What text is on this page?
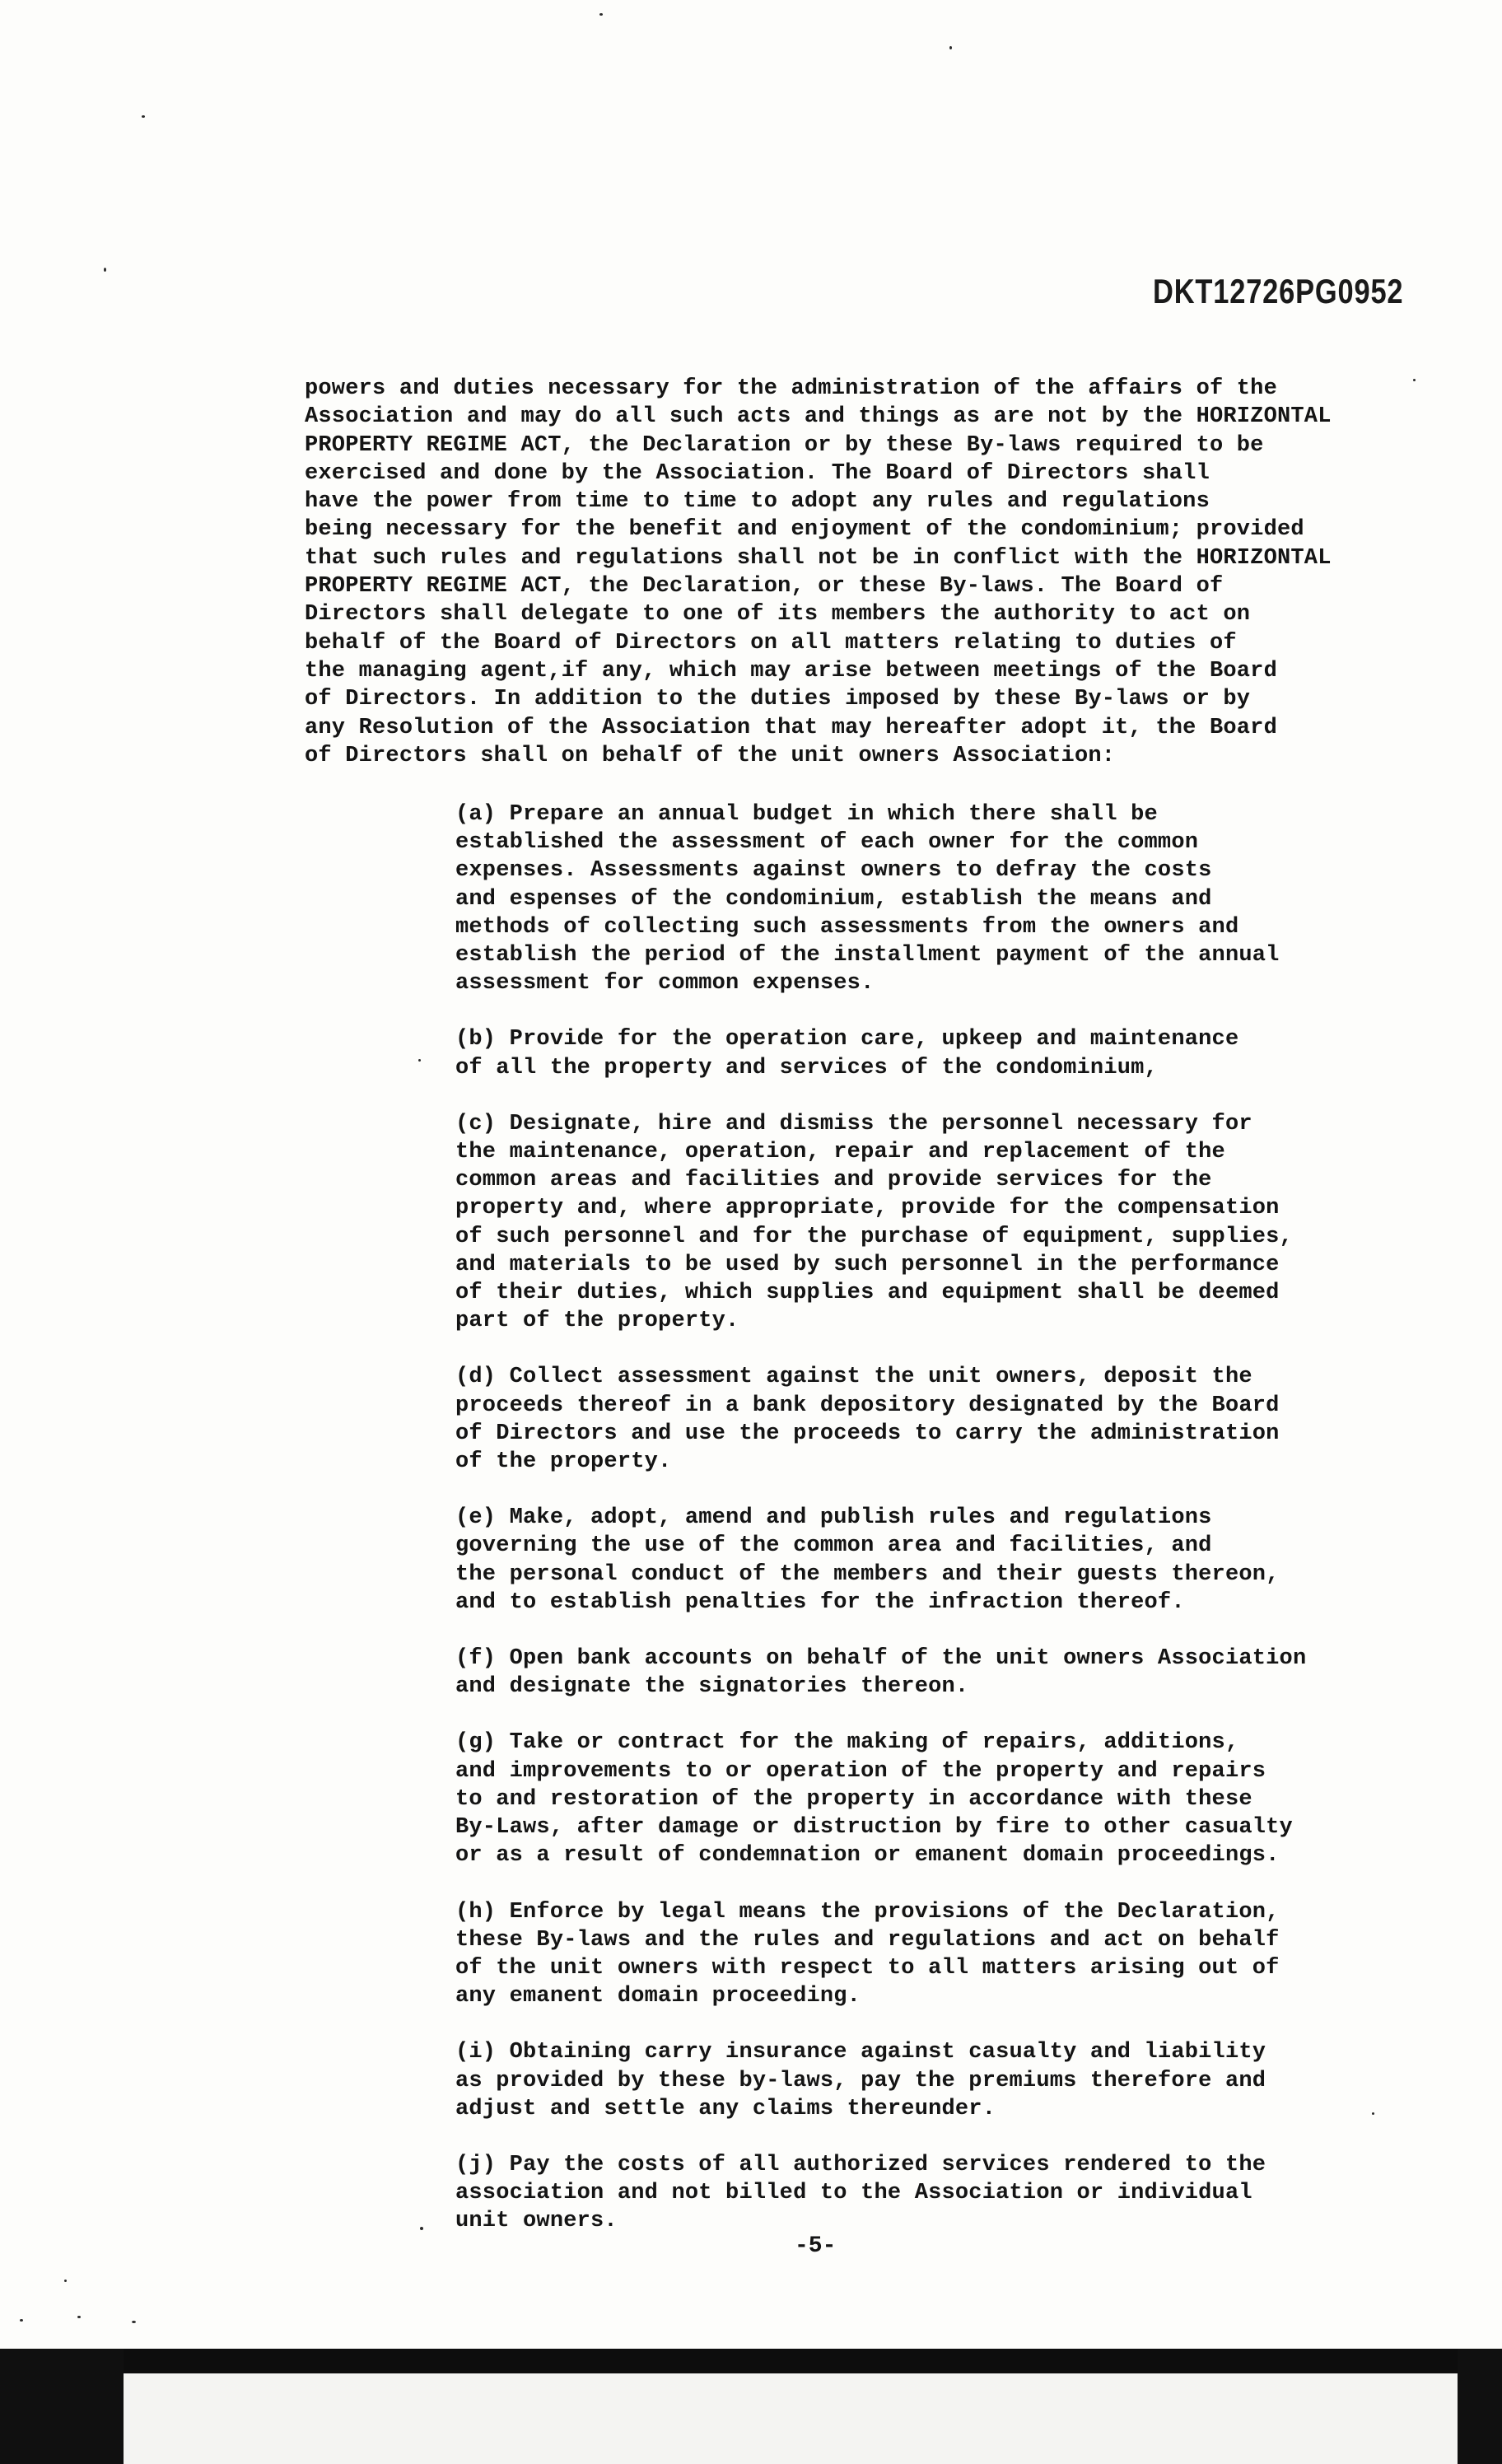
DKT12726PG0952
powers and duties necessary for the administration of the affairs of the
Association and may do all such acts and things as are not by the HORIZONTAL
PROPERTY REGIME ACT, the Declaration or by these By-laws required to be
exercised and done by the Association. The Board of Directors shall
have the power from time to time to adopt any rules and regulations
being necessary for the benefit and enjoyment of the condominium; provided
that such rules and regulations shall not be in conflict with the HORIZONTAL
PROPERTY REGIME ACT, the Declaration, or these By-laws. The Board of
Directors shall delegate to one of its members the authority to act on
behalf of the Board of Directors on all matters relating to duties of
the managing agent,if any, which may arise between meetings of the Board
of Directors. In addition to the duties imposed by these By-laws or by
any Resolution of the Association that may hereafter adopt it, the Board
of Directors shall on behalf of the unit owners Association:
(a) Prepare an annual budget in which there shall be
established the assessment of each owner for the common
expenses. Assessments against owners to defray the costs
and espenses of the condominium, establish the means and
methods of collecting such assessments from the owners and
establish the period of the installment payment of the annual
assessment for common expenses.
(b) Provide for the operation care, upkeep and maintenance
of all the property and services of the condominium,
(c) Designate, hire and dismiss the personnel necessary for
the maintenance, operation, repair and replacement of the
common areas and facilities and provide services for the
property and, where appropriate, provide for the compensation
of such personnel and for the purchase of equipment, supplies,
and materials to be used by such personnel in the performance
of their duties, which supplies and equipment shall be deemed
part of the property.
(d) Collect assessment against the unit owners, deposit the
proceeds thereof in a bank depository designated by the Board
of Directors and use the proceeds to carry the administration
of the property.
(e) Make, adopt, amend and publish rules and regulations
governing the use of the common area and facilities, and
the personal conduct of the members and their guests thereon,
and to establish penalties for the infraction thereof.
(f) Open bank accounts on behalf of the unit owners Association
and designate the signatories thereon.
(g) Take or contract for the making of repairs, additions,
and improvements to or operation of the property and repairs
to and restoration of the property in accordance with these
By-Laws, after damage or distruction by fire to other casualty
or as a result of condemnation or emanent domain proceedings.
(h) Enforce by legal means the provisions of the Declaration,
these By-laws and the rules and regulations and act on behalf
of the unit owners with respect to all matters arising out of
any emanent domain proceeding.
(i) Obtaining carry insurance against casualty and liability
as provided by these by-laws, pay the premiums therefore and
adjust and settle any claims thereunder.
(j) Pay the costs of all authorized services rendered to the
association and not billed to the Association or individual
unit owners.
-5-
